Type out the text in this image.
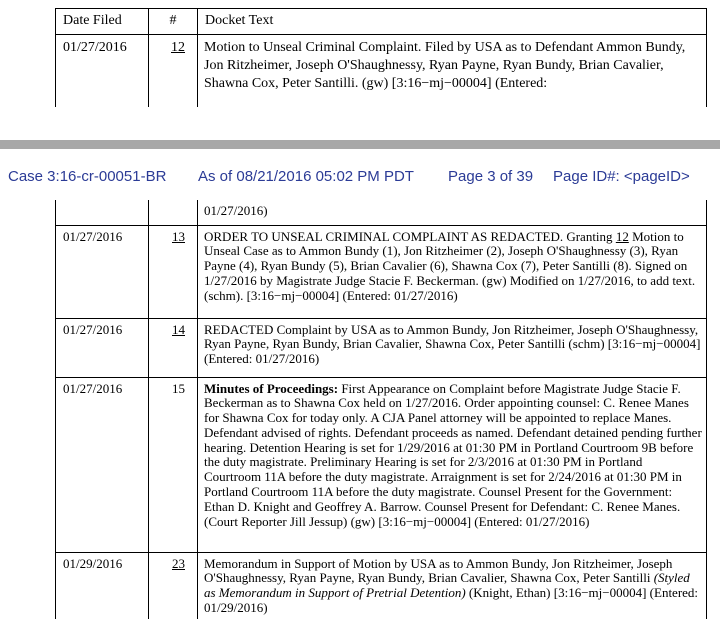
Date Filed	#	Docket Text
01/27/2016	12	Motion to Unseal Criminal Complaint. Filed by USA as to Defendant Ammon Bundy, Jon Ritzheimer, Joseph O'Shaughnessy, Ryan Payne, Ryan Bundy, Brian Cavalier, Shawna Cox, Peter Santilli. (gw) [3:16−mj−00004] (Entered:
Case 3:16-cr-00051-BR As of 08/21/2016 05:02 PM PDT Page 3 of 39 Page ID#: <pageID>
		01/27/2016)
01/27/2016	13	ORDER TO UNSEAL CRIMINAL COMPLAINT AS REDACTED. Granting 12 Motion to Unseal Case as to Ammon Bundy (1), Jon Ritzheimer (2), Joseph O'Shaughnessy (3), Ryan Payne (4), Ryan Bundy (5), Brian Cavalier (6), Shawna Cox (7), Peter Santilli (8). Signed on 1/27/2016 by Magistrate Judge Stacie F. Beckerman. (gw) Modified on 1/27/2016, to add text. (schm). [3:16−mj−00004] (Entered: 01/27/2016)
01/27/2016	14	REDACTED Complaint by USA as to Ammon Bundy, Jon Ritzheimer, Joseph O'Shaughnessy, Ryan Payne, Ryan Bundy, Brian Cavalier, Shawna Cox, Peter Santilli (schm) [3:16−mj−00004] (Entered: 01/27/2016)
01/27/2016	15	Minutes of Proceedings: First Appearance on Complaint before Magistrate Judge Stacie F. Beckerman as to Shawna Cox held on 1/27/2016. Order appointing counsel: C. Renee Manes for Shawna Cox for today only. A CJA Panel attorney will be appointed to replace Manes. Defendant advised of rights. Defendant proceeds as named. Defendant detained pending further hearing. Detention Hearing is set for 1/29/2016 at 01:30 PM in Portland Courtroom 9B before the duty magistrate. Preliminary Hearing is set for 2/3/2016 at 01:30 PM in Portland Courtroom 11A before the duty magistrate. Arraignment is set for 2/24/2016 at 01:30 PM in Portland Courtroom 11A before the duty magistrate. Counsel Present for the Government: Ethan D. Knight and Geoffrey A. Barrow. Counsel Present for Defendant: C. Renee Manes. (Court Reporter Jill Jessup) (gw) [3:16−mj−00004] (Entered: 01/27/2016)
01/29/2016	23	Memorandum in Support of Motion by USA as to Ammon Bundy, Jon Ritzheimer, Joseph O'Shaughnessy, Ryan Payne, Ryan Bundy, Brian Cavalier, Shawna Cox, Peter Santilli (Styled as Memorandum in Support of Pretrial Detention) (Knight, Ethan) [3:16−mj−00004] (Entered: 01/29/2016)
